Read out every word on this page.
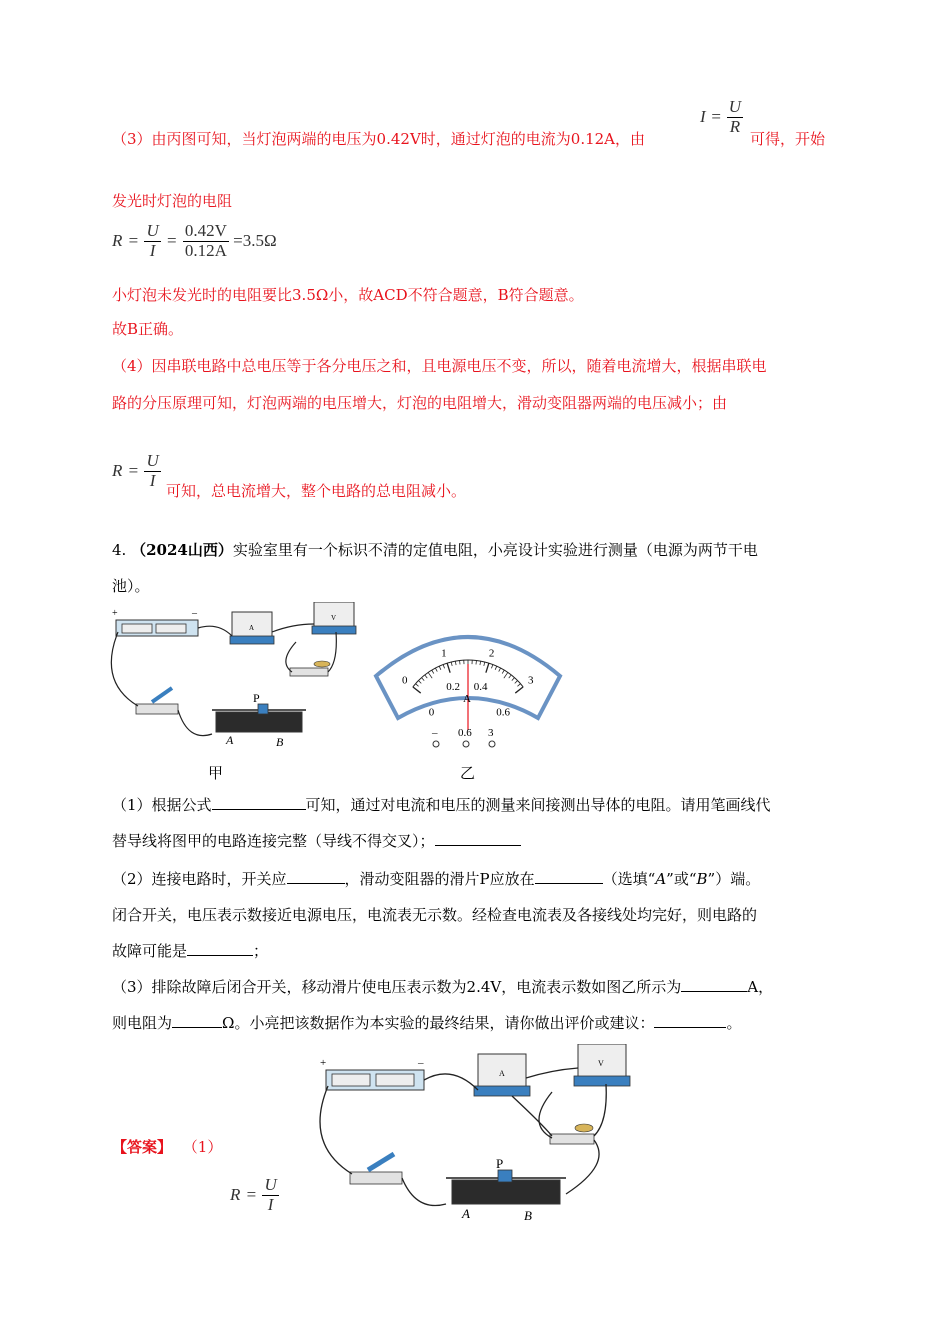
（3）由丙图可知，当灯泡两端的电压为0.42V时，通过灯泡的电流为0.12A，由
$I = \frac{U}{R}$
可得，开始
发光时灯泡的电阻
$R = \frac{U}{I} = \frac{0.42V}{0.12A} =3.5\Omega$
小灯泡未发光时的电阻要比3.5Ω小，故ACD不符合题意，B符合题意。
故B正确。
（4）因串联电路中总电压等于各分电压之和，且电源电压不变，所以，随着电流增大，根据串联电
路的分压原理可知，灯泡两端的电压增大，灯泡的电阻增大，滑动变阻器两端的电压减小；由
$R = \frac{U}{I}$
可知，总电流增大，整个电路的总电阻减小。
4. （2024山西）实验室里有一个标识不清的定值电阻，小亮设计实验进行测量（电源为两节干电
池）。
+	–
A
V
P
A	B
甲
0
1	2
3
0
0.2 0.4
0.6
A
– 0.6 3
乙
（1）根据公式	可知，通过对电流和电压的测量来间接测出导体的电阻。请用笔画线代
替导线将图甲的电路连接完整（导线不得交叉）；
（2）连接电路时，开关应	，滑动变阻器的滑片P应放在	（选填“A”或“B”）端。
闭合开关，电压表示数接近电源电压，电流表无示数。经检查电流表及各接线处均完好，则电路的
故障可能是	；
（3）排除故障后闭合开关，移动滑片使电压表示数为2.4V，电流表示数如图乙所示为	A，
则电阻为	Ω。小亮把该数据作为本实验的最终结果，请你做出评价或建议：	。
+	–
A
V
P
A	B
【答案】 （1）
$R = \frac{U}{I}$
